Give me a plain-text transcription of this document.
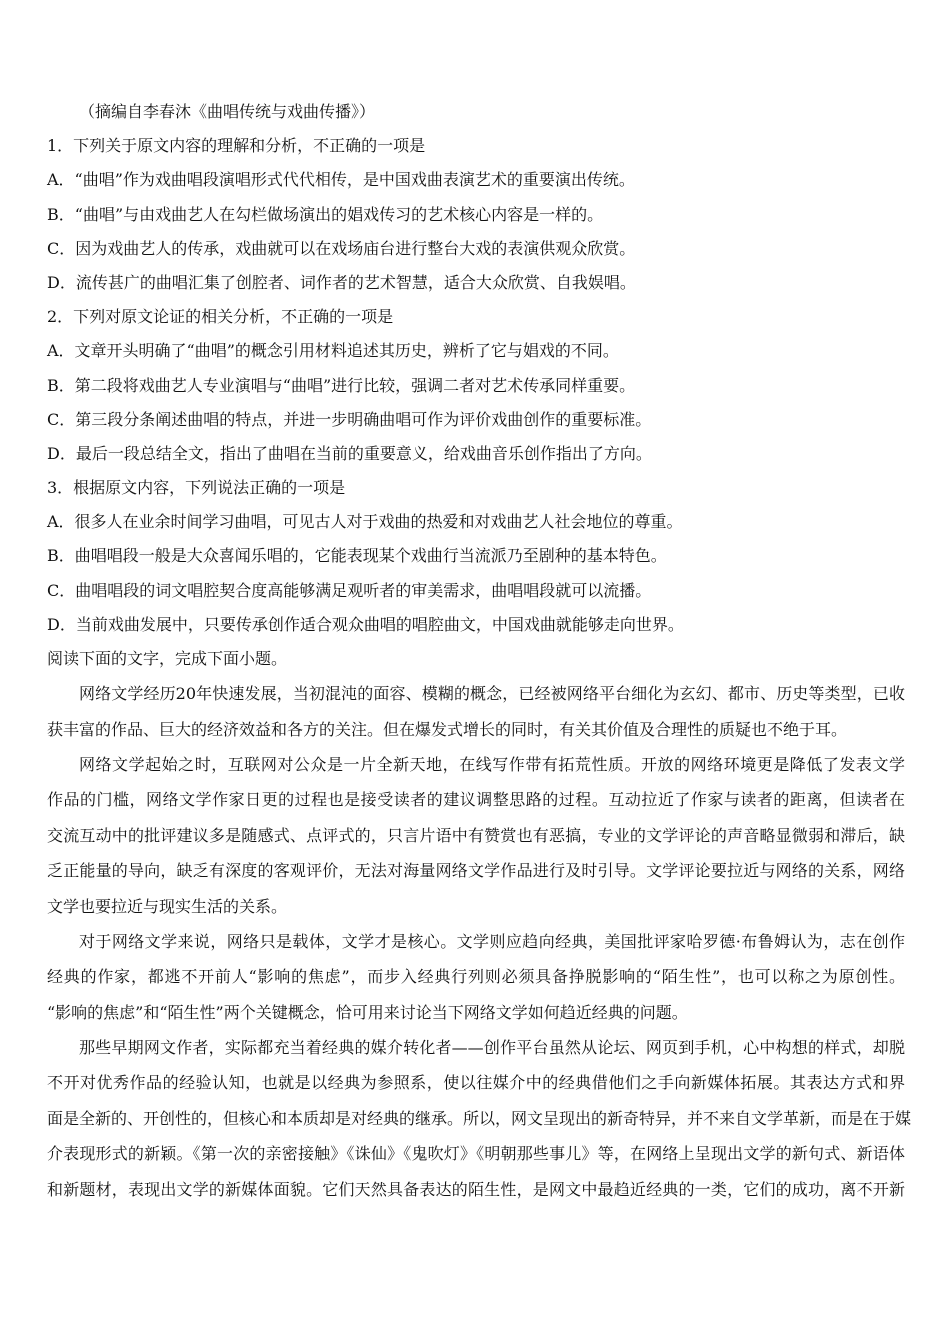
（摘编自李春沐《曲唱传统与戏曲传播》）
1．下列关于原文内容的理解和分析，不正确的一项是
A．“曲唱”作为戏曲唱段演唱形式代代相传，是中国戏曲表演艺术的重要演出传统。
B．“曲唱”与由戏曲艺人在勾栏做场演出的娼戏传习的艺术核心内容是一样的。
C．因为戏曲艺人的传承，戏曲就可以在戏场庙台进行整台大戏的表演供观众欣赏。
D．流传甚广的曲唱汇集了创腔者、词作者的艺术智慧，适合大众欣赏、自我娱唱。
2．下列对原文论证的相关分析，不正确的一项是
A．文章开头明确了“曲唱”的概念引用材料追述其历史，辨析了它与娼戏的不同。
B．第二段将戏曲艺人专业演唱与“曲唱”进行比较，强调二者对艺术传承同样重要。
C．第三段分条阐述曲唱的特点，并进一步明确曲唱可作为评价戏曲创作的重要标准。
D．最后一段总结全文，指出了曲唱在当前的重要意义，给戏曲音乐创作指出了方向。
3．根据原文内容，下列说法正确的一项是
A．很多人在业余时间学习曲唱，可见古人对于戏曲的热爱和对戏曲艺人社会地位的尊重。
B．曲唱唱段一般是大众喜闻乐唱的，它能表现某个戏曲行当流派乃至剧种的基本特色。
C．曲唱唱段的词文唱腔契合度高能够满足观听者的审美需求，曲唱唱段就可以流播。
D．当前戏曲发展中，只要传承创作适合观众曲唱的唱腔曲文，中国戏曲就能够走向世界。
阅读下面的文字，完成下面小题。
网络文学经历20年快速发展，当初混沌的面容、模糊的概念，已经被网络平台细化为玄幻、都市、历史等类型，已收
获丰富的作品、巨大的经济效益和各方的关注。但在爆发式增长的同时，有关其价值及合理性的质疑也不绝于耳。
网络文学起始之时，互联网对公众是一片全新天地，在线写作带有拓荒性质。开放的网络环境更是降低了发表文学
作品的门槛，网络文学作家日更的过程也是接受读者的建议调整思路的过程。互动拉近了作家与读者的距离，但读者在
交流互动中的批评建议多是随感式、点评式的，只言片语中有赞赏也有恶搞，专业的文学评论的声音略显微弱和滞后，缺
乏正能量的导向，缺乏有深度的客观评价，无法对海量网络文学作品进行及时引导。文学评论要拉近与网络的关系，网络
文学也要拉近与现实生活的关系。
对于网络文学来说，网络只是载体，文学才是核心。文学则应趋向经典，美国批评家哈罗德·布鲁姆认为，志在创作
经典的作家，都逃不开前人“影响的焦虑”，而步入经典行列则必须具备挣脱影响的“陌生性”，也可以称之为原创性。
“影响的焦虑”和“陌生性”两个关键概念，恰可用来讨论当下网络文学如何趋近经典的问题。
那些早期网文作者，实际都充当着经典的媒介转化者——创作平台虽然从论坛、网页到手机，心中构想的样式，却脱
不开对优秀作品的经验认知，也就是以经典为参照系，使以往媒介中的经典借他们之手向新媒体拓展。其表达方式和界
面是全新的、开创性的，但核心和本质却是对经典的继承。所以，网文呈现出的新奇特异，并不来自文学革新，而是在于媒
介表现形式的新颖。《第一次的亲密接触》《诛仙》《鬼吹灯》《明朝那些事儿》等，在网络上呈现出文学的新句式、新语体
和新题材，表现出文学的新媒体面貌。它们天然具备表达的陌生性，是网文中最趋近经典的一类，它们的成功，离不开新
